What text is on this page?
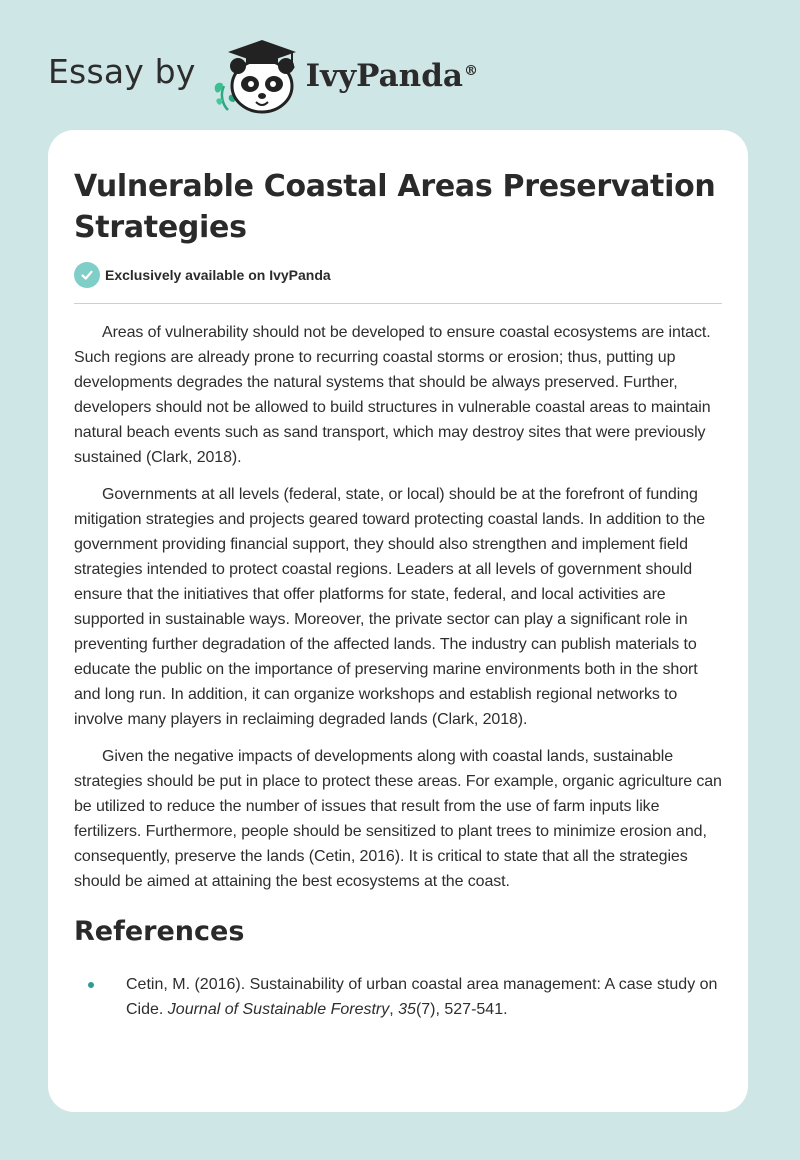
Essay by	IvyPanda®
Vulnerable Coastal Areas Preservation Strategies
Exclusively available on IvyPanda

Areas of vulnerability should not be developed to ensure coastal ecosystems are intact. Such regions are already prone to recurring coastal storms or erosion; thus, putting up developments degrades the natural systems that should be always preserved. Further, developers should not be allowed to build structures in vulnerable coastal areas to maintain natural beach events such as sand transport, which may destroy sites that were previously sustained (Clark, 2018).

Governments at all levels (federal, state, or local) should be at the forefront of funding mitigation strategies and projects geared toward protecting coastal lands. In addition to the government providing financial support, they should also strengthen and implement field strategies intended to protect coastal regions. Leaders at all levels of government should ensure that the initiatives that offer platforms for state, federal, and local activities are supported in sustainable ways. Moreover, the private sector can play a significant role in preventing further degradation of the affected lands. The industry can publish materials to educate the public on the importance of preserving marine environments both in the short and long run. In addition, it can organize workshops and establish regional networks to involve many players in reclaiming degraded lands (Clark, 2018).

Given the negative impacts of developments along with coastal lands, sustainable strategies should be put in place to protect these areas. For example, organic agriculture can be utilized to reduce the number of issues that result from the use of farm inputs like fertilizers. Furthermore, people should be sensitized to plant trees to minimize erosion and, consequently, preserve the lands (Cetin, 2016). It is critical to state that all the strategies should be aimed at attaining the best ecosystems at the coast.

References
Cetin, M. (2016). Sustainability of urban coastal area management: A case study on Cide. Journal of Sustainable Forestry, 35(7), 527-541.
